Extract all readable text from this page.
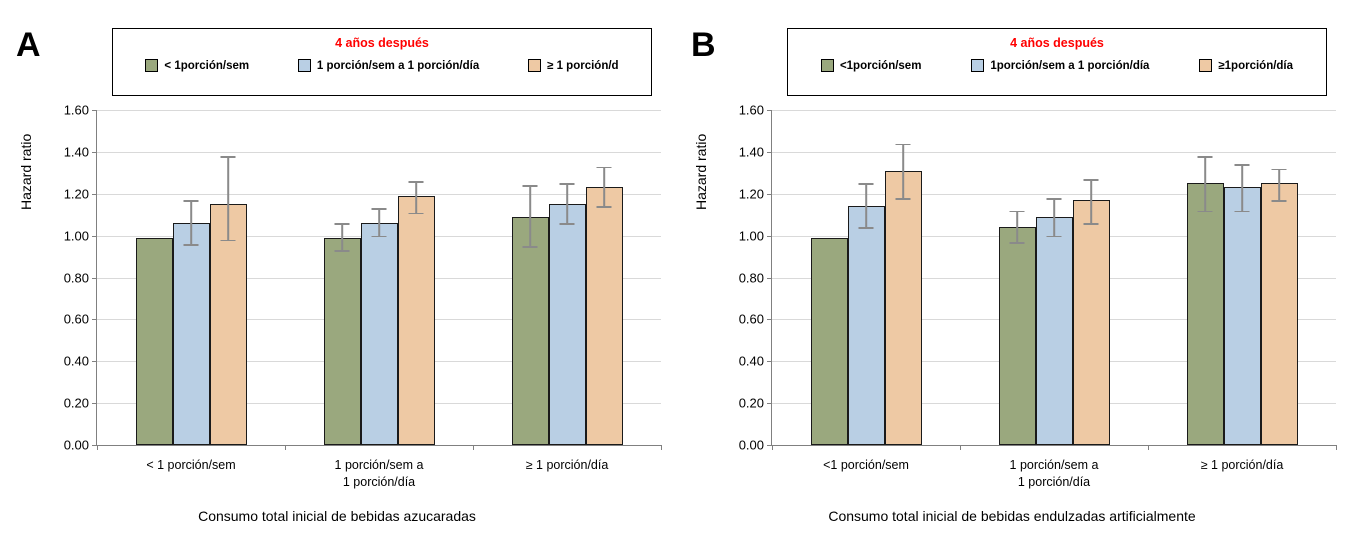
A	4 años después
< 1porción/sem	1 porción/sem a 1 porción/día	≥ 1 porción/d
Hazard ratio
0.00
0.20
0.40
0.60
0.80
1.00
1.20
1.40
1.60
< 1 porción/sem	1 porción/sem a
1 porción/día
≥ 1 porción/día
Consumo total inicial de bebidas azucaradas
B	4 años después
<1porción/sem	1porción/sem a 1 porción/día	≥1porción/día
Hazard ratio
0.00
0.20
0.40
0.60
0.80
1.00
1.20
1.40
1.60
<1 porción/sem	1 porción/sem a
1 porción/día
≥ 1 porción/día
Consumo total inicial de bebidas endulzadas artificialmente
